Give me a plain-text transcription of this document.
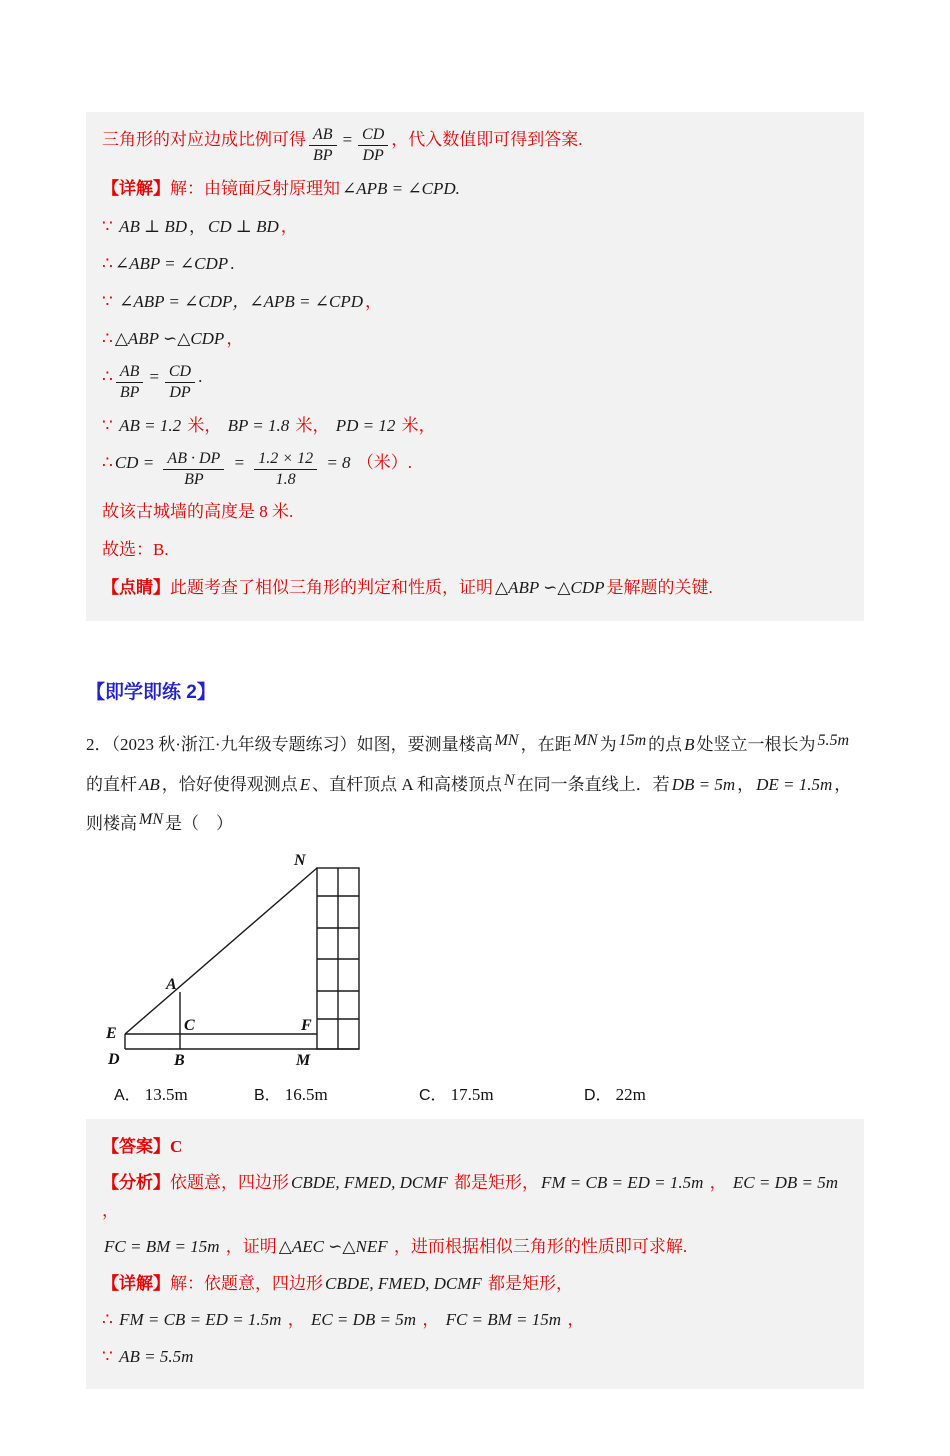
三角形的对应边成比例可得 $\frac{AB}{BP} = \frac{CD}{DP}$ ，代入数值即可得到答案.
【详解】解：由镜面反射原理知 ∠APB = ∠CPD.
∵ AB ⊥ BD ， CD ⊥ BD ，
∴ ∠ABP = ∠CDP .
∵ ∠ABP = ∠CDP，∠APB = ∠CPD ，
∴ △ABP ∽△CDP ，
∴ $\frac{AB}{BP} = \frac{CD}{DP}$ .
∵ AB = 1.2 米， BP = 1.8 米， PD = 12 米，
∴ CD = $\frac{AB \cdot DP}{BP} = \frac{1.2 \times 12}{1.8} = 8$ （米）.
故该古城墙的高度是 8 米.
故选：B.
【点睛】此题考查了相似三角形的判定和性质，证明 △ABP ∽△CDP 是解题的关键.
【即学即练 2】
2．（2023 秋·浙江·九年级专题练习）如图，要测量楼高 MN ，在距 MN 为 15m 的点 B 处竖立一根长为 5.5m的直杆 AB ，恰好使得观测点 E 、直杆顶点 A 和高楼顶点 N 在同一条直线上．若 DB = 5m ， DE = 1.5m ，则楼高 MN 是（　）
N
A
E	C	F
D	B	M
A． 13.5m	B． 16.5m	C． 17.5m	D． 22m
【答案】C
【分析】依题意，四边形 CBDE, FMED, DCMF 都是矩形， FM = CB = ED = 1.5m ， EC = DB = 5m ，
FC = BM = 15m ，证明 △AEC ∽△NEF ，进而根据相似三角形的性质即可求解.
【详解】解：依题意，四边形 CBDE, FMED, DCMF 都是矩形，
∴ FM = CB = ED = 1.5m ， EC = DB = 5m ， FC = BM = 15m ，
∵ AB = 5.5m
